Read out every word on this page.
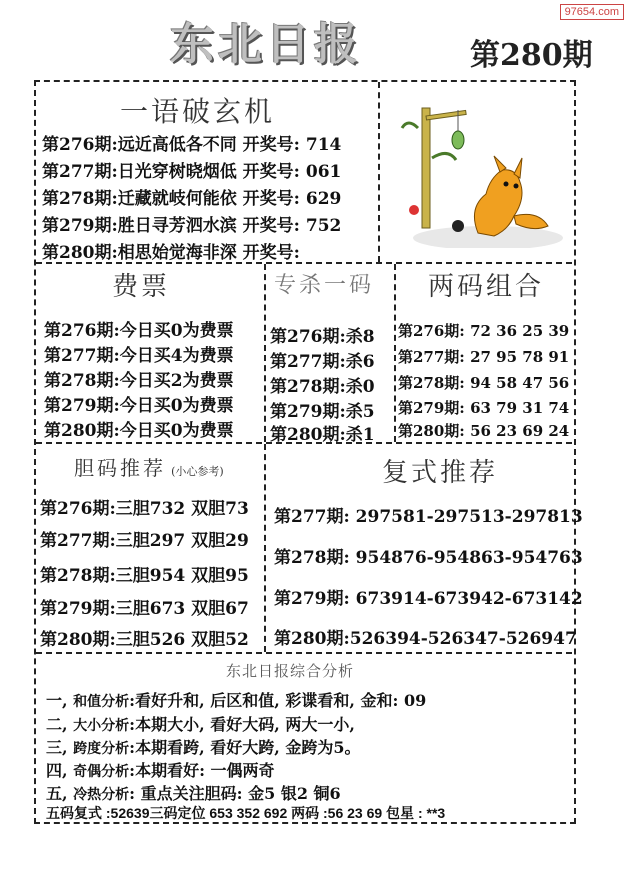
97654.com
东北日报	第280期
一语破玄机
第276期:远近高低各不同 开奖号: 714
第277期:日光穿树晓烟低 开奖号: 061
第278期:迁藏就岐何能依 开奖号: 629
第279期:胜日寻芳泗水滨 开奖号: 752
第280期:相思始觉海非深 开奖号:
费票
第276期:今日买0为费票
第277期:今日买4为费票
第278期:今日买2为费票
第279期:今日买0为费票
第280期:今日买0为费票
专杀一码
第276期:杀8
第277期:杀6
第278期:杀0
第279期:杀5
第280期:杀1
两码组合
第276期: 72 36 25 39
第277期: 27 95 78 91
第278期: 94 58 47 56
第279期: 63 79 31 74
第280期: 56 23 69 24
胆码推荐 (小心参考)
第276期:三胆732 双胆73
第277期:三胆297 双胆29
第278期:三胆954 双胆95
第279期:三胆673 双胆67
第280期:三胆526 双胆52
复式推荐
第277期: 297581-297513-297813
第278期: 954876-954863-954763
第279期: 673914-673942-673142
第280期:526394-526347-526947
东北日报综合分析
一, 和值分析:看好升和, 后区和值, 彩谍看和, 金和: 09
二, 大小分析:本期大小, 看好大码, 两大一小,
三, 跨度分析:本期看跨, 看好大跨, 金跨为5。
四, 奇偶分析:本期看好: 一偶两奇
五, 冷热分析: 重点关注胆码: 金5 银2 铜6
五码复式 :52639三码定位 653 352 692 两码 :56 23 69 包星 : **3
